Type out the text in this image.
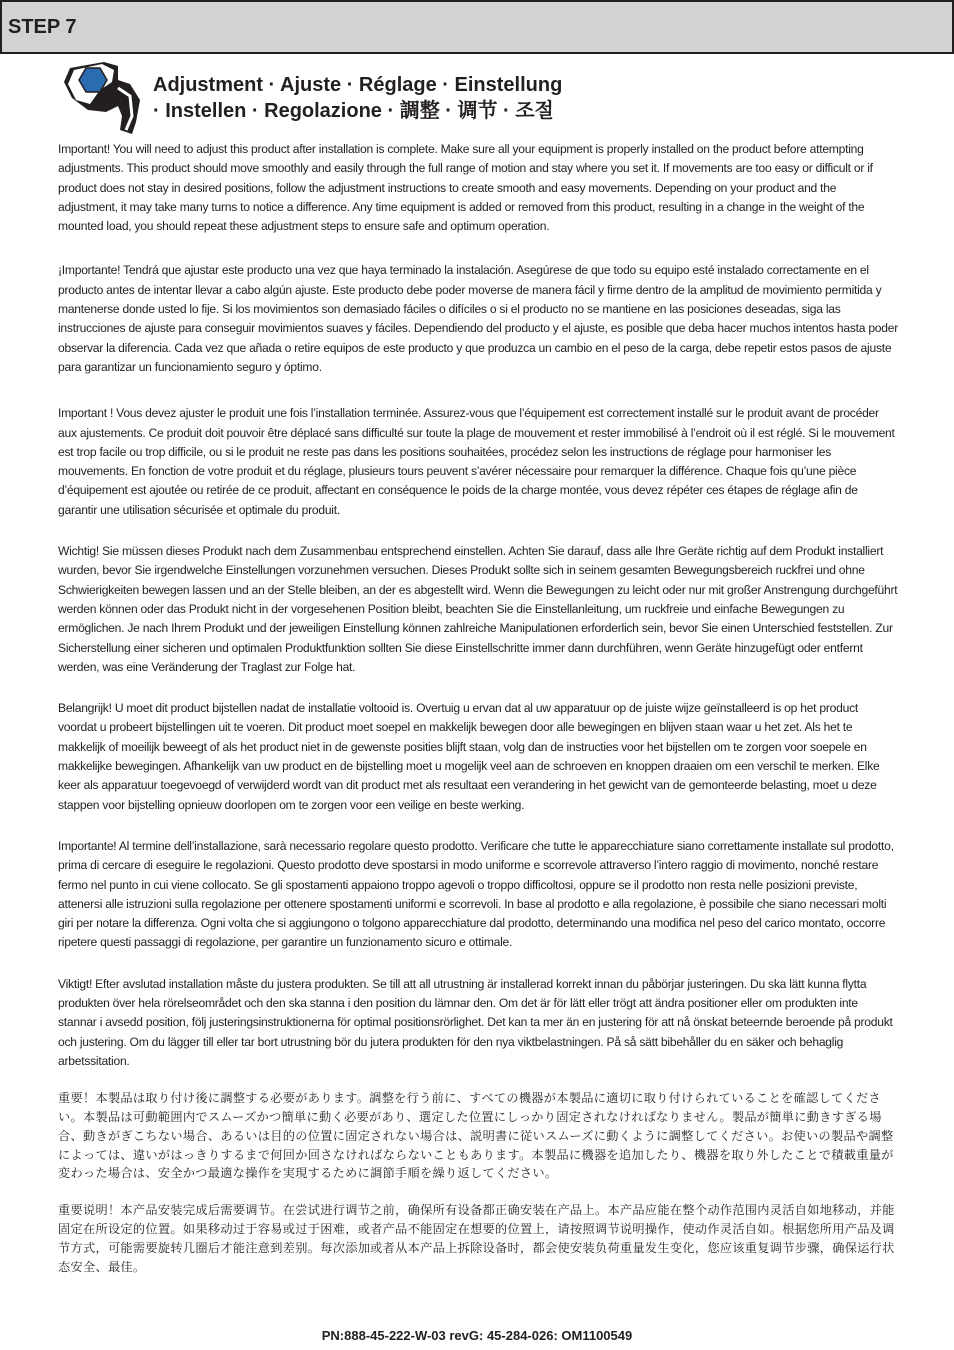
STEP 7
Adjustment · Ajuste · Réglage · Einstellung
· Instellen · Regolazione · 調整 · 调节 · 조절

Important! You will need to adjust this product after installation is complete. Make sure all your equipment is properly installed on the product before attempting adjustments. This product should move smoothly and easily through the full range of motion and stay where you set it. If movements are too easy or difficult or if product does not stay in desired positions, follow the adjustment instructions to create smooth and easy movements. Depending on your product and the adjustment, it may take many turns to notice a difference. Any time equipment is added or removed from this product, resulting in a change in the weight of the mounted load, you should repeat these adjustment steps to ensure safe and optimum operation.

¡Importante! Tendrá que ajustar este producto una vez que haya terminado la instalación. Asegúrese de que todo su equipo esté instalado correctamente en el producto antes de intentar llevar a cabo algún ajuste. Este producto debe poder moverse de manera fácil y firme dentro de la amplitud de movimiento permitida y mantenerse donde usted lo fije. Si los movimientos son demasiado fáciles o difíciles o si el producto no se mantiene en las posiciones deseadas, siga las instrucciones de ajuste para conseguir movimientos suaves y fáciles. Dependiendo del producto y el ajuste, es posible que deba hacer muchos intentos hasta poder observar la diferencia. Cada vez que añada o retire equipos de este producto y que produzca un cambio en el peso de la carga, debe repetir estos pasos de ajuste para garantizar un funcionamiento seguro y óptimo.

Important ! Vous devez ajuster le produit une fois l’installation terminée. Assurez-vous que l’équipement est correctement installé sur le produit avant de procéder aux ajustements. Ce produit doit pouvoir être déplacé sans difficulté sur toute la plage de mouvement et rester immobilisé à l’endroit où il est réglé. Si le mouvement est trop facile ou trop difficile, ou si le produit ne reste pas dans les positions souhaitées, procédez selon les instructions de réglage pour harmoniser les mouvements. En fonction de votre produit et du réglage, plusieurs tours peuvent s’avérer nécessaire pour remarquer la différence. Chaque fois qu’une pièce d’équipement est ajoutée ou retirée de ce produit, affectant en conséquence le poids de la charge montée, vous devez répéter ces étapes de réglage afin de garantir une utilisation sécurisée et optimale du produit.

Wichtig! Sie müssen dieses Produkt nach dem Zusammenbau entsprechend einstellen. Achten Sie darauf, dass alle Ihre Geräte richtig auf dem Produkt installiert wurden, bevor Sie irgendwelche Einstellungen vorzunehmen versuchen. Dieses Produkt sollte sich in seinem gesamten Bewegungsbereich ruckfrei und ohne Schwierigkeiten bewegen lassen und an der Stelle bleiben, an der es abgestellt wird. Wenn die Bewegungen zu leicht oder nur mit großer Anstrengung durchgeführt werden können oder das Produkt nicht in der vorgesehenen Position bleibt, beachten Sie die Einstellanleitung, um ruckfreie und einfache Bewegungen zu ermöglichen. Je nach Ihrem Produkt und der jeweiligen Einstellung können zahlreiche Manipulationen erforderlich sein, bevor Sie einen Unterschied feststellen. Zur Sicherstellung einer sicheren und optimalen Produktfunktion sollten Sie diese Einstellschritte immer dann durchführen, wenn Geräte hinzugefügt oder entfernt werden, was eine Veränderung der Traglast zur Folge hat.

Belangrijk! U moet dit product bijstellen nadat de installatie voltooid is. Overtuig u ervan dat al uw apparatuur op de juiste wijze geïnstalleerd is op het product voordat u probeert bijstellingen uit te voeren. Dit product moet soepel en makkelijk bewegen door alle bewegingen en blijven staan waar u het zet. Als het te makkelijk of moeilijk beweegt of als het product niet in de gewenste posities blijft staan, volg dan de instructies voor het bijstellen om te zorgen voor soepele en makkelijke bewegingen. Afhankelijk van uw product en de bijstelling moet u mogelijk veel aan de schroeven en knoppen draaien om een verschil te merken. Elke keer als apparatuur toegevoegd of verwijderd wordt van dit product met als resultaat een verandering in het gewicht van de gemonteerde belasting, moet u deze stappen voor bijstelling opnieuw doorlopen om te zorgen voor een veilige en beste werking.

Importante! Al termine dell’installazione, sarà necessario regolare questo prodotto. Verificare che tutte le apparecchiature siano correttamente installate sul prodotto, prima di cercare di eseguire le regolazioni. Questo prodotto deve spostarsi in modo uniforme e scorrevole attraverso l’intero raggio di movimento, nonché restare fermo nel punto in cui viene collocato. Se gli spostamenti appaiono troppo agevoli o troppo difficoltosi, oppure se il prodotto non resta nelle posizioni previste, attenersi alle istruzioni sulla regolazione per ottenere spostamenti uniformi e scorrevoli. In base al prodotto e alla regolazione, è possibile che siano necessari molti giri per notare la differenza. Ogni volta che si aggiungono o tolgono apparecchiature dal prodotto, determinando una modifica nel peso del carico montato, occorre ripetere questi passaggi di regolazione, per garantire un funzionamento sicuro e ottimale.

Viktigt! Efter avslutad installation måste du justera produkten. Se till att all utrustning är installerad korrekt innan du påbörjar justeringen. Du ska lätt kunna flytta produkten över hela rörelseområdet och den ska stanna i den position du lämnar den. Om det är för lätt eller trögt att ändra positioner eller om produkten inte stannar i avsedd position, följ justeringsinstruktionerna för optimal positionsrörlighet. Det kan ta mer än en justering för att nå önskat beteernde beroende på produkt och justering. Om du lägger till eller tar bort utrustning bör du jutera produkten för den nya viktbelastningen. På så sätt bibehåller du en säker och behaglig arbetssitation.

重要！本製品は取り付け後に調整する必要があります。調整を行う前に、すべての機器が本製品に適切に取り付けられていることを確認してください。本製品は可動範囲内でスムーズかつ簡単に動く必要があり、選定した位置にしっかり固定されなければなりません。製品が簡単に動きすぎる場合、動きがぎこちない場合、あるいは目的の位置に固定されない場合は、説明書に従いスムーズに動くように調整してください。お使いの製品や調整によっては、違いがはっきりするまで何回か回さなければならないこともあります。本製品に機器を追加したり、機器を取り外したことで積載重量が変わった場合は、安全かつ最適な操作を実現するために調節手順を繰り返してください。

重要说明！本产品安装完成后需要调节。在尝试进行调节之前，确保所有设备都正确安装在产品上。本产品应能在整个动作范围内灵活自如地移动，并能固定在所设定的位置。如果移动过于容易或过于困难，或者产品不能固定在想要的位置上，请按照调节说明操作，使动作灵活自如。根据您所用产品及调节方式，可能需要旋转几圈后才能注意到差别。每次添加或者从本产品上拆除设备时，都会使安装负荷重量发生变化，您应该重复调节步骤，确保运行状态安全、最佳。

PN:888-45-222-W-03 revG: 45-284-026: OM1100549
